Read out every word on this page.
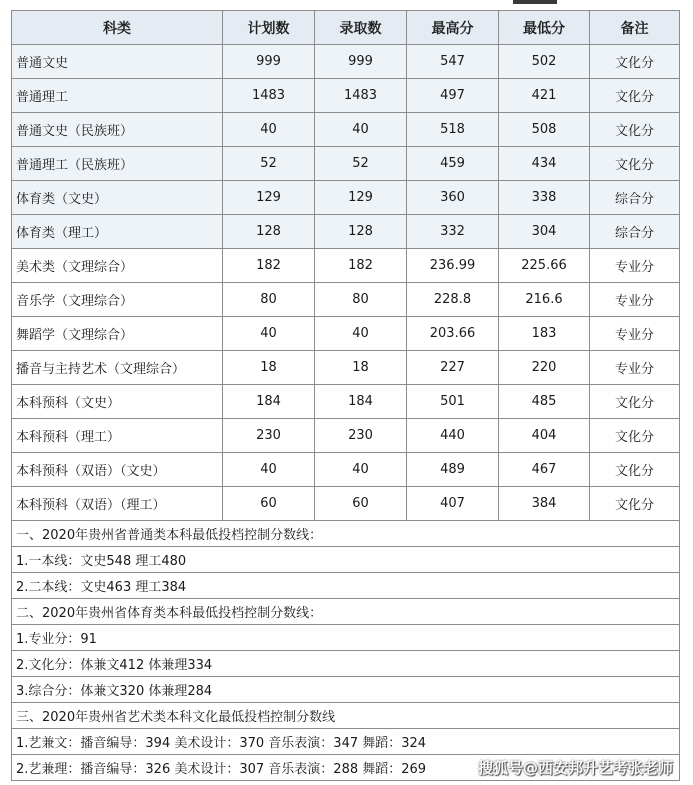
科类	计划数	录取数	最高分	最低分	备注
普通文史	999	999	547	502	文化分
普通理工	1483	1483	497	421	文化分
普通文史（民族班）	40	40	518	508	文化分
普通理工（民族班）	52	52	459	434	文化分
体育类（文史）	129	129	360	338	综合分
体育类（理工）	128	128	332	304	综合分
美术类（文理综合）	182	182	236.99	225.66	专业分
音乐学（文理综合）	80	80	228.8	216.6	专业分
舞蹈学（文理综合）	40	40	203.66	183	专业分
播音与主持艺术（文理综合）	18	18	227	220	专业分
本科预科（文史）	184	184	501	485	文化分
本科预科（理工）	230	230	440	404	文化分
本科预科（双语）（文史）	40	40	489	467	文化分
本科预科（双语）（理工）	60	60	407	384	文化分
一、2020年贵州省普通类本科最低投档控制分数线：
1.一本线：文史548 理工480
2.二本线：文史463 理工384
二、2020年贵州省体育类本科最低投档控制分数线：
1.专业分：91
2.文化分：体兼文412 体兼理334
3.综合分：体兼文320 体兼理284
三、2020年贵州省艺术类本科文化最低投档控制分数线
1.艺兼文：播音编导：394 美术设计：370 音乐表演：347 舞蹈：324
2.艺兼理：播音编导：326 美术设计：307 音乐表演：288 舞蹈：269	搜狐号@西安邦升艺考张老师
